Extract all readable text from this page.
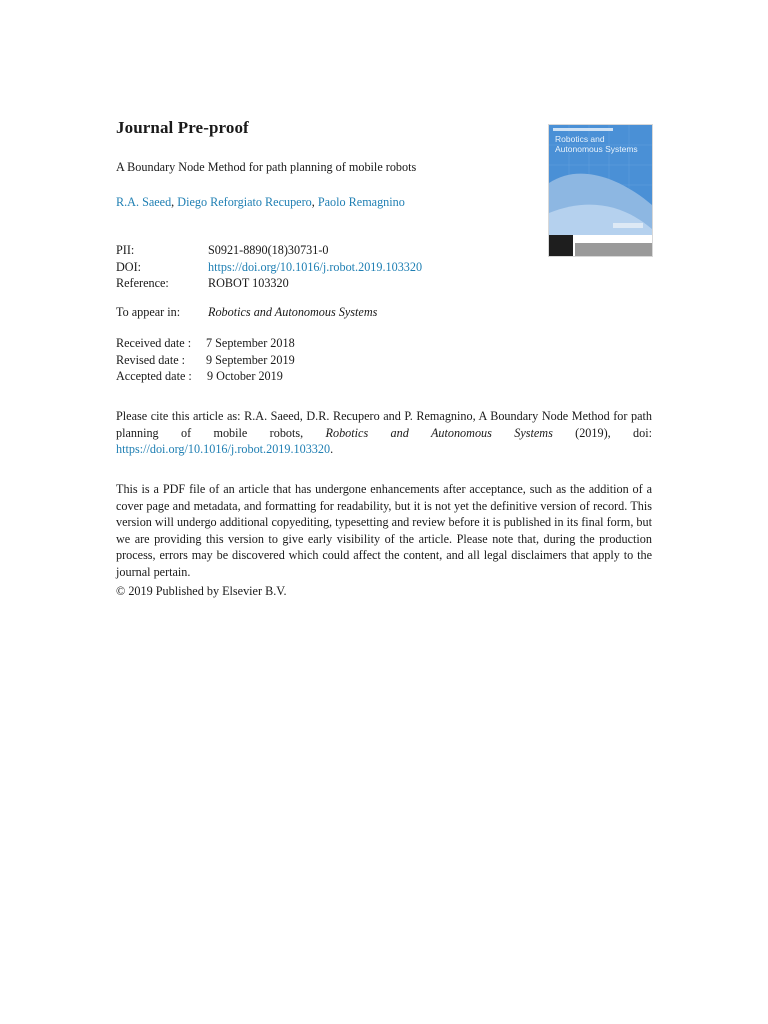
Journal Pre-proof
Robotics and
Autonomous Systems
A Boundary Node Method for path planning of mobile robots
R.A. Saeed, Diego Reforgiato Recupero, Paolo Remagnino
PII:	S0921-8890(18)30731-0
DOI:	https://doi.org/10.1016/j.robot.2019.103320
Reference:	ROBOT 103320
To appear in: Robotics and Autonomous Systems
Received date : 7 September 2018
Revised date : 9 September 2019
Accepted date : 9 October 2019

Please cite this article as: R.A. Saeed, D.R. Recupero and P. Remagnino, A Boundary Node Method for path planning of mobile robots, Robotics and Autonomous Systems (2019), doi: https://doi.org/10.1016/j.robot.2019.103320.

This is a PDF file of an article that has undergone enhancements after acceptance, such as the addition of a cover page and metadata, and formatting for readability, but it is not yet the definitive version of record. This version will undergo additional copyediting, typesetting and review before it is published in its final form, but we are providing this version to give early visibility of the article. Please note that, during the production process, errors may be discovered which could affect the content, and all legal disclaimers that apply to the journal pertain.

© 2019 Published by Elsevier B.V.
